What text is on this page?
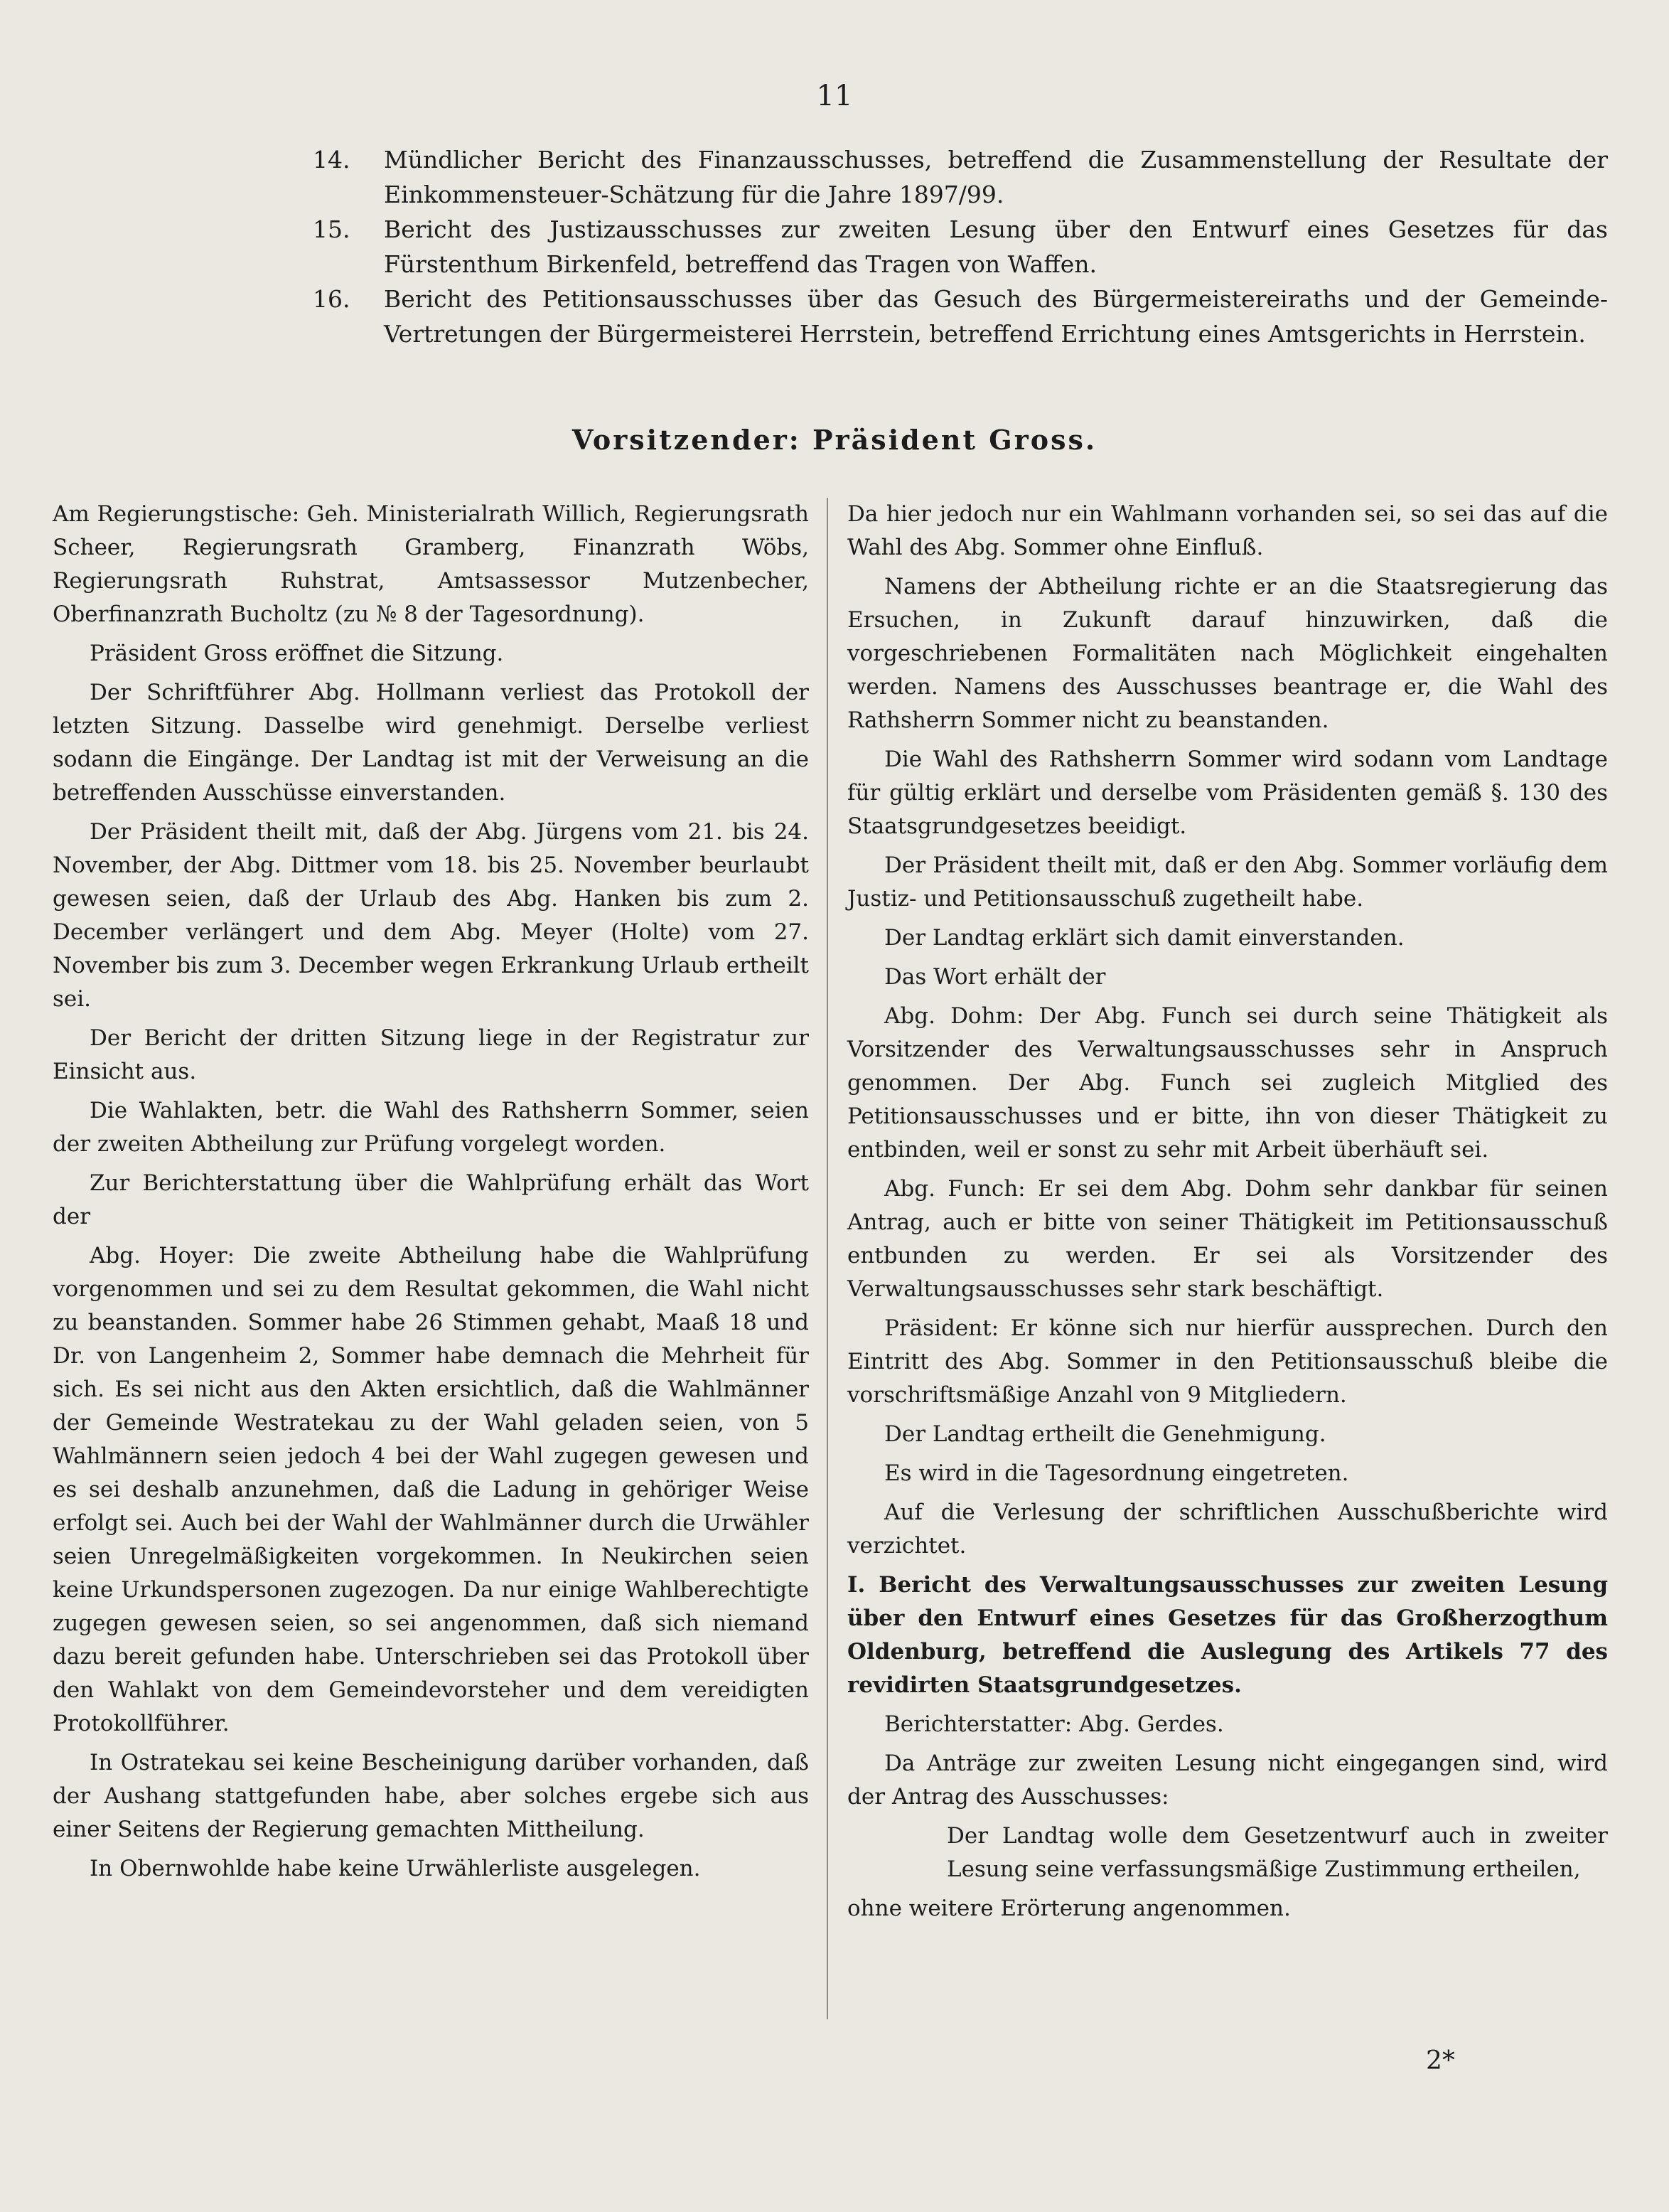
11
14.	Mündlicher Bericht des Finanzausschusses, betreffend die Zusammenstellung der Resultate der Einkommensteuer-Schätzung für die Jahre 1897/99.
15.	Bericht des Justizausschusses zur zweiten Lesung über den Entwurf eines Gesetzes für das Fürstenthum Birkenfeld, betreffend das Tragen von Waffen.
16.	Bericht des Petitionsausschusses über das Gesuch des Bürgermeistereiraths und der Gemeinde-Vertretungen der Bürgermeisterei Herrstein, betreffend Errichtung eines Amtsgerichts in Herrstein.
Vorsitzender: Präsident Gross.

Am Regierungstische: Geh. Ministerialrath Willich, Regierungsrath Scheer, Regierungsrath Gramberg, Finanzrath Wöbs, Regierungsrath Ruhstrat, Amtsassessor Mutzenbecher, Oberfinanzrath Bucholtz (zu № 8 der Tagesordnung).

Präsident Gross eröffnet die Sitzung.

Der Schriftführer Abg. Hollmann verliest das Protokoll der letzten Sitzung. Dasselbe wird genehmigt. Derselbe verliest sodann die Eingänge. Der Landtag ist mit der Verweisung an die betreffenden Ausschüsse einverstanden.

Der Präsident theilt mit, daß der Abg. Jürgens vom 21. bis 24. November, der Abg. Dittmer vom 18. bis 25. November beurlaubt gewesen seien, daß der Urlaub des Abg. Hanken bis zum 2. December verlängert und dem Abg. Meyer (Holte) vom 27. November bis zum 3. December wegen Erkrankung Urlaub ertheilt sei.

Der Bericht der dritten Sitzung liege in der Registratur zur Einsicht aus.

Die Wahlakten, betr. die Wahl des Rathsherrn Sommer, seien der zweiten Abtheilung zur Prüfung vorgelegt worden.

Zur Berichterstattung über die Wahlprüfung erhält das Wort der

Abg. Hoyer: Die zweite Abtheilung habe die Wahlprüfung vorgenommen und sei zu dem Resultat gekommen, die Wahl nicht zu beanstanden. Sommer habe 26 Stimmen gehabt, Maaß 18 und Dr. von Langenheim 2, Sommer habe demnach die Mehrheit für sich. Es sei nicht aus den Akten ersichtlich, daß die Wahlmänner der Gemeinde Westratekau zu der Wahl geladen seien, von 5 Wahlmännern seien jedoch 4 bei der Wahl zugegen gewesen und es sei deshalb anzunehmen, daß die Ladung in gehöriger Weise erfolgt sei. Auch bei der Wahl der Wahlmänner durch die Urwähler seien Unregelmäßigkeiten vorgekommen. In Neukirchen seien keine Urkundspersonen zugezogen. Da nur einige Wahlberechtigte zugegen gewesen seien, so sei angenommen, daß sich niemand dazu bereit gefunden habe. Unterschrieben sei das Protokoll über den Wahlakt von dem Gemeindevorsteher und dem vereidigten Protokollführer.

In Ostratekau sei keine Bescheinigung darüber vorhanden, daß der Aushang stattgefunden habe, aber solches ergebe sich aus einer Seitens der Regierung gemachten Mittheilung.

In Obernwohlde habe keine Urwählerliste ausgelegen.

Da hier jedoch nur ein Wahlmann vorhanden sei, so sei das auf die Wahl des Abg. Sommer ohne Einfluß.

Namens der Abtheilung richte er an die Staatsregierung das Ersuchen, in Zukunft darauf hinzuwirken, daß die vorgeschriebenen Formalitäten nach Möglichkeit eingehalten werden. Namens des Ausschusses beantrage er, die Wahl des Rathsherrn Sommer nicht zu beanstanden.

Die Wahl des Rathsherrn Sommer wird sodann vom Landtage für gültig erklärt und derselbe vom Präsidenten gemäß §. 130 des Staatsgrundgesetzes beeidigt.

Der Präsident theilt mit, daß er den Abg. Sommer vorläufig dem Justiz- und Petitionsausschuß zugetheilt habe.

Der Landtag erklärt sich damit einverstanden.

Das Wort erhält der

Abg. Dohm: Der Abg. Funch sei durch seine Thätigkeit als Vorsitzender des Verwaltungsausschusses sehr in Anspruch genommen. Der Abg. Funch sei zugleich Mitglied des Petitionsausschusses und er bitte, ihn von dieser Thätigkeit zu entbinden, weil er sonst zu sehr mit Arbeit überhäuft sei.

Abg. Funch: Er sei dem Abg. Dohm sehr dankbar für seinen Antrag, auch er bitte von seiner Thätigkeit im Petitionsausschuß entbunden zu werden. Er sei als Vorsitzender des Verwaltungsausschusses sehr stark beschäftigt.

Präsident: Er könne sich nur hierfür aussprechen. Durch den Eintritt des Abg. Sommer in den Petitionsausschuß bleibe die vorschriftsmäßige Anzahl von 9 Mitgliedern.

Der Landtag ertheilt die Genehmigung.

Es wird in die Tagesordnung eingetreten.

Auf die Verlesung der schriftlichen Ausschußberichte wird verzichtet.

I. Bericht des Verwaltungsausschusses zur zweiten Lesung über den Entwurf eines Gesetzes für das Großherzogthum Oldenburg, betreffend die Auslegung des Artikels 77 des revidirten Staatsgrundgesetzes.

Berichterstatter: Abg. Gerdes.

Da Anträge zur zweiten Lesung nicht eingegangen sind, wird der Antrag des Ausschusses:

Der Landtag wolle dem Gesetzentwurf auch in zweiter Lesung seine verfassungsmäßige Zustimmung ertheilen,

ohne weitere Erörterung angenommen.

2*
